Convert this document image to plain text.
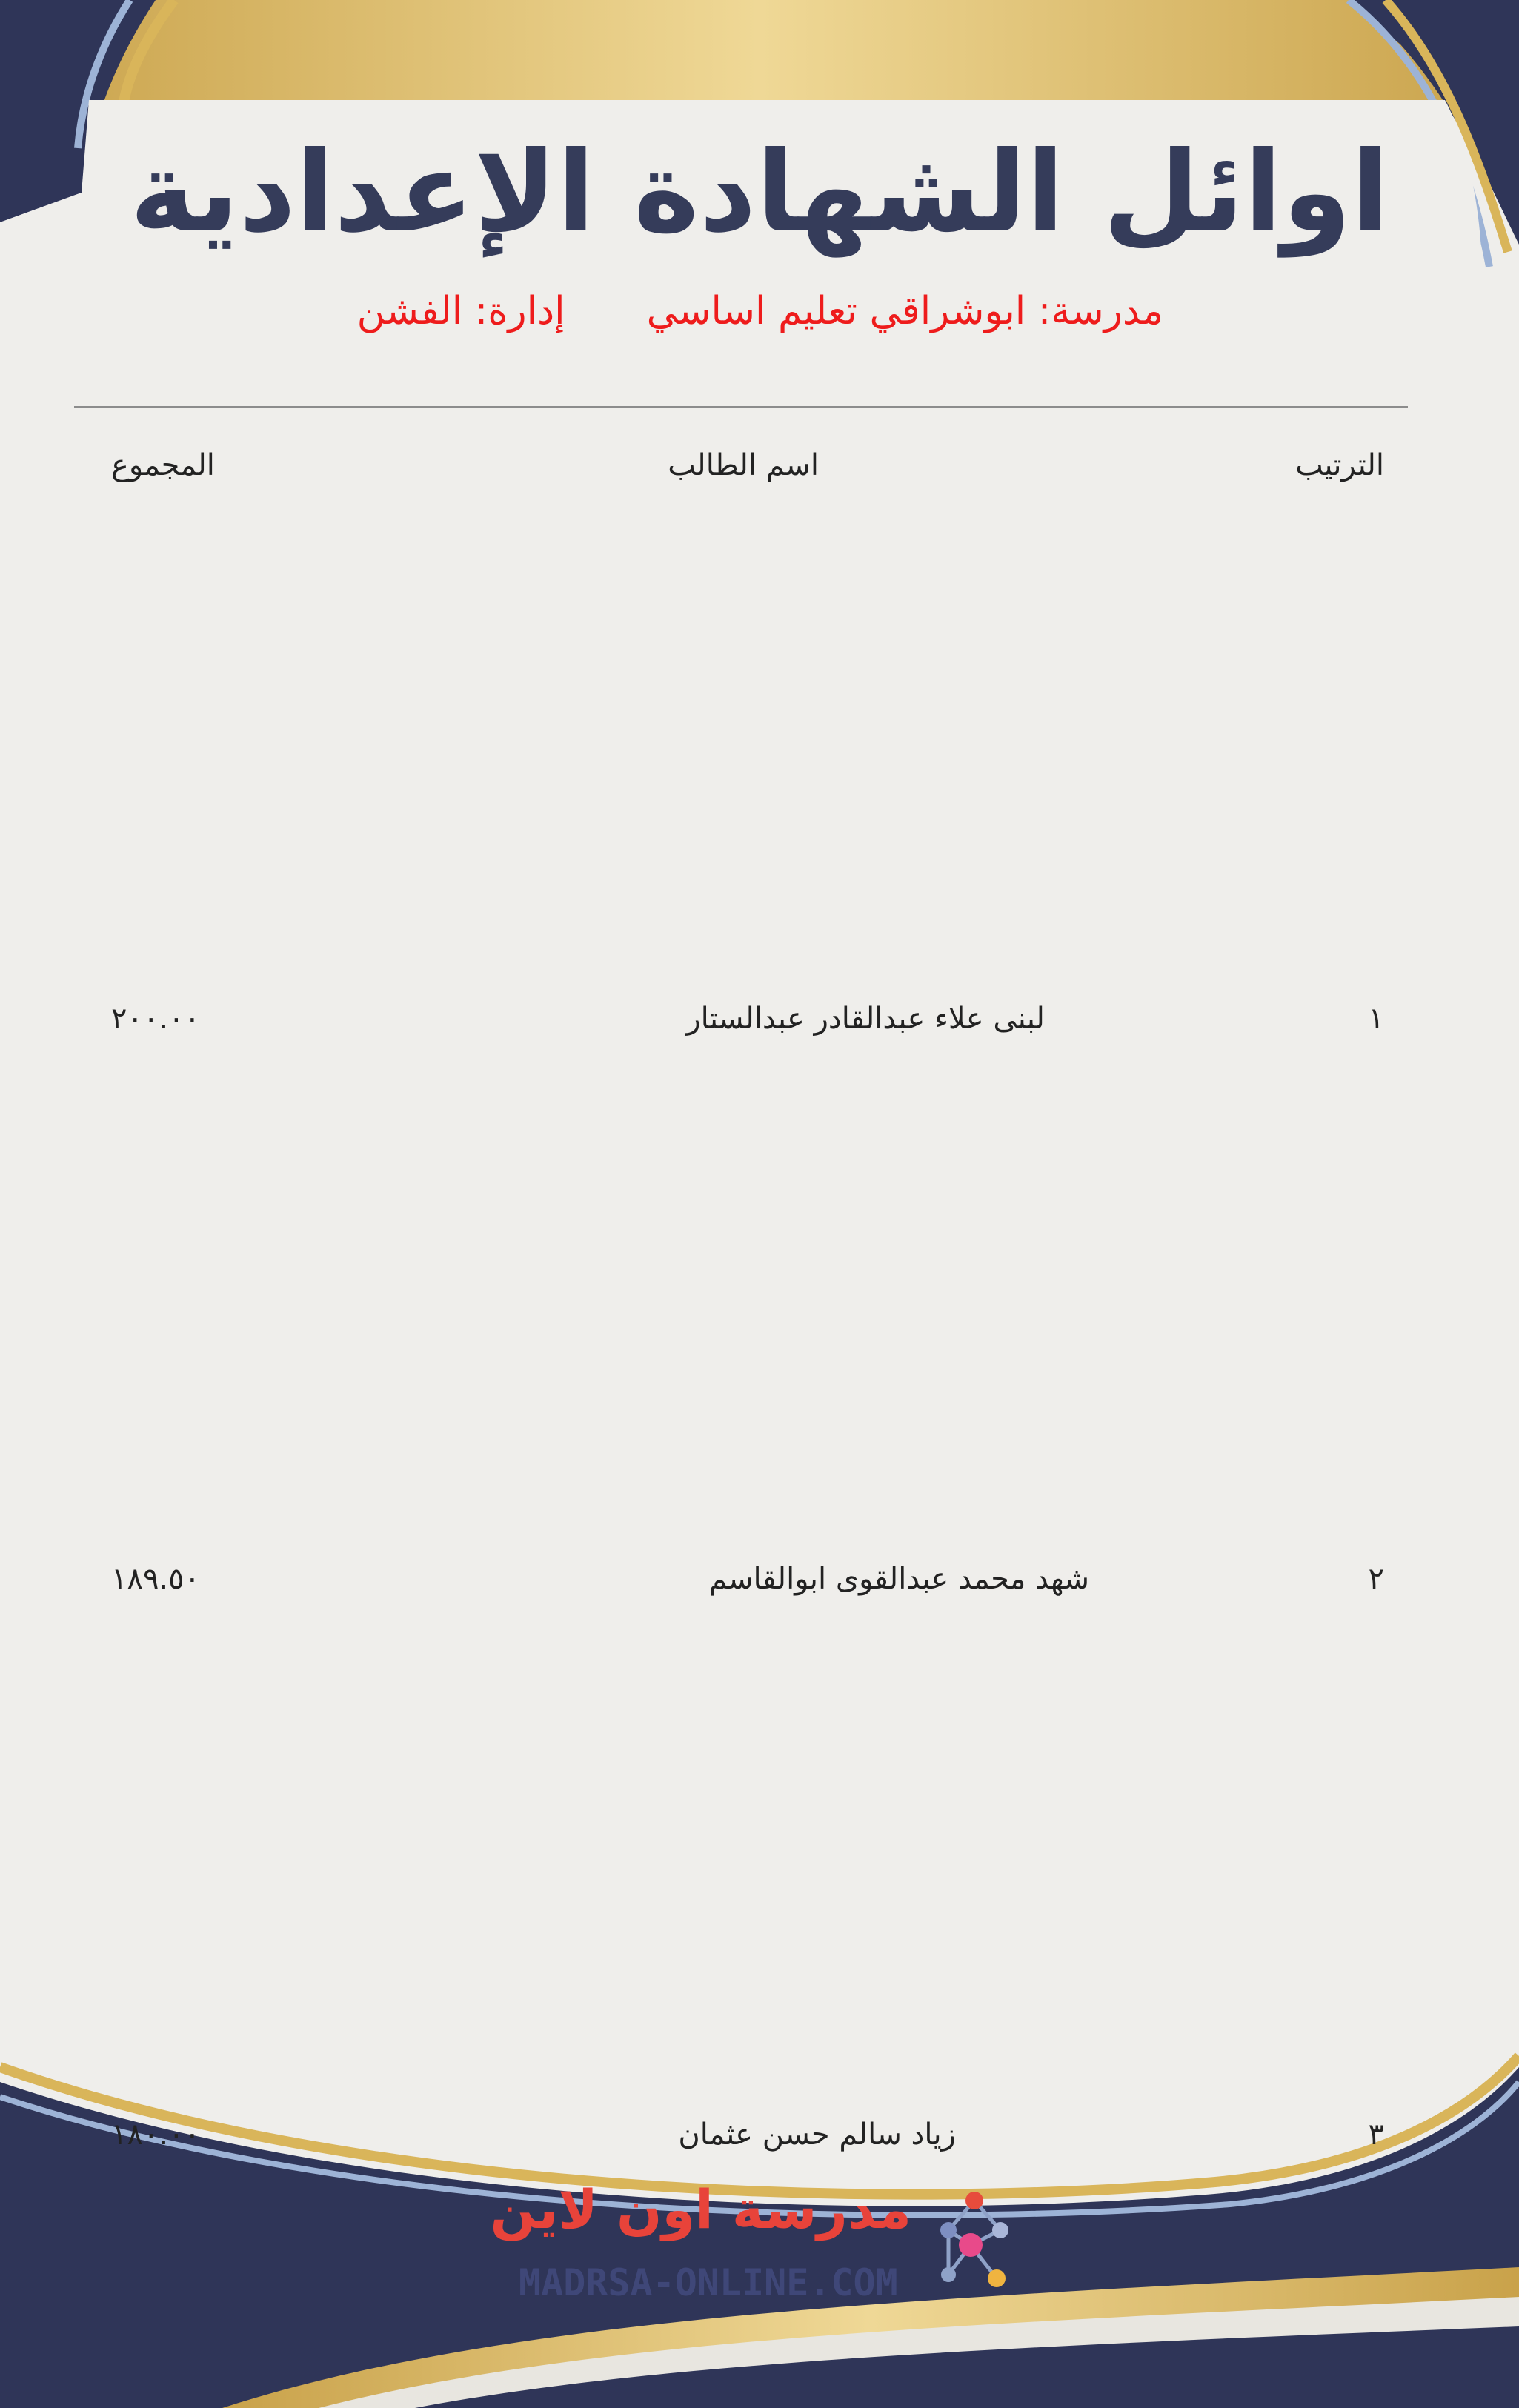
اوائل الشهادة الإعدادية
مدرسة: ابوشراقي تعليم اساسيإدارة: الفشن
الترتيب
اسم الطالب
المجموع
١
لبنى علاء عبدالقادر عبدالستار
٢٠٠.٠٠
٢
شهد محمد عبدالقوى ابوالقاسم
١٨٩.٥٠
٣
زياد سالم حسن عثمان
١٨٠.٠٠
مدرسة اون لاين
MADRSA-ONLINE.COM
